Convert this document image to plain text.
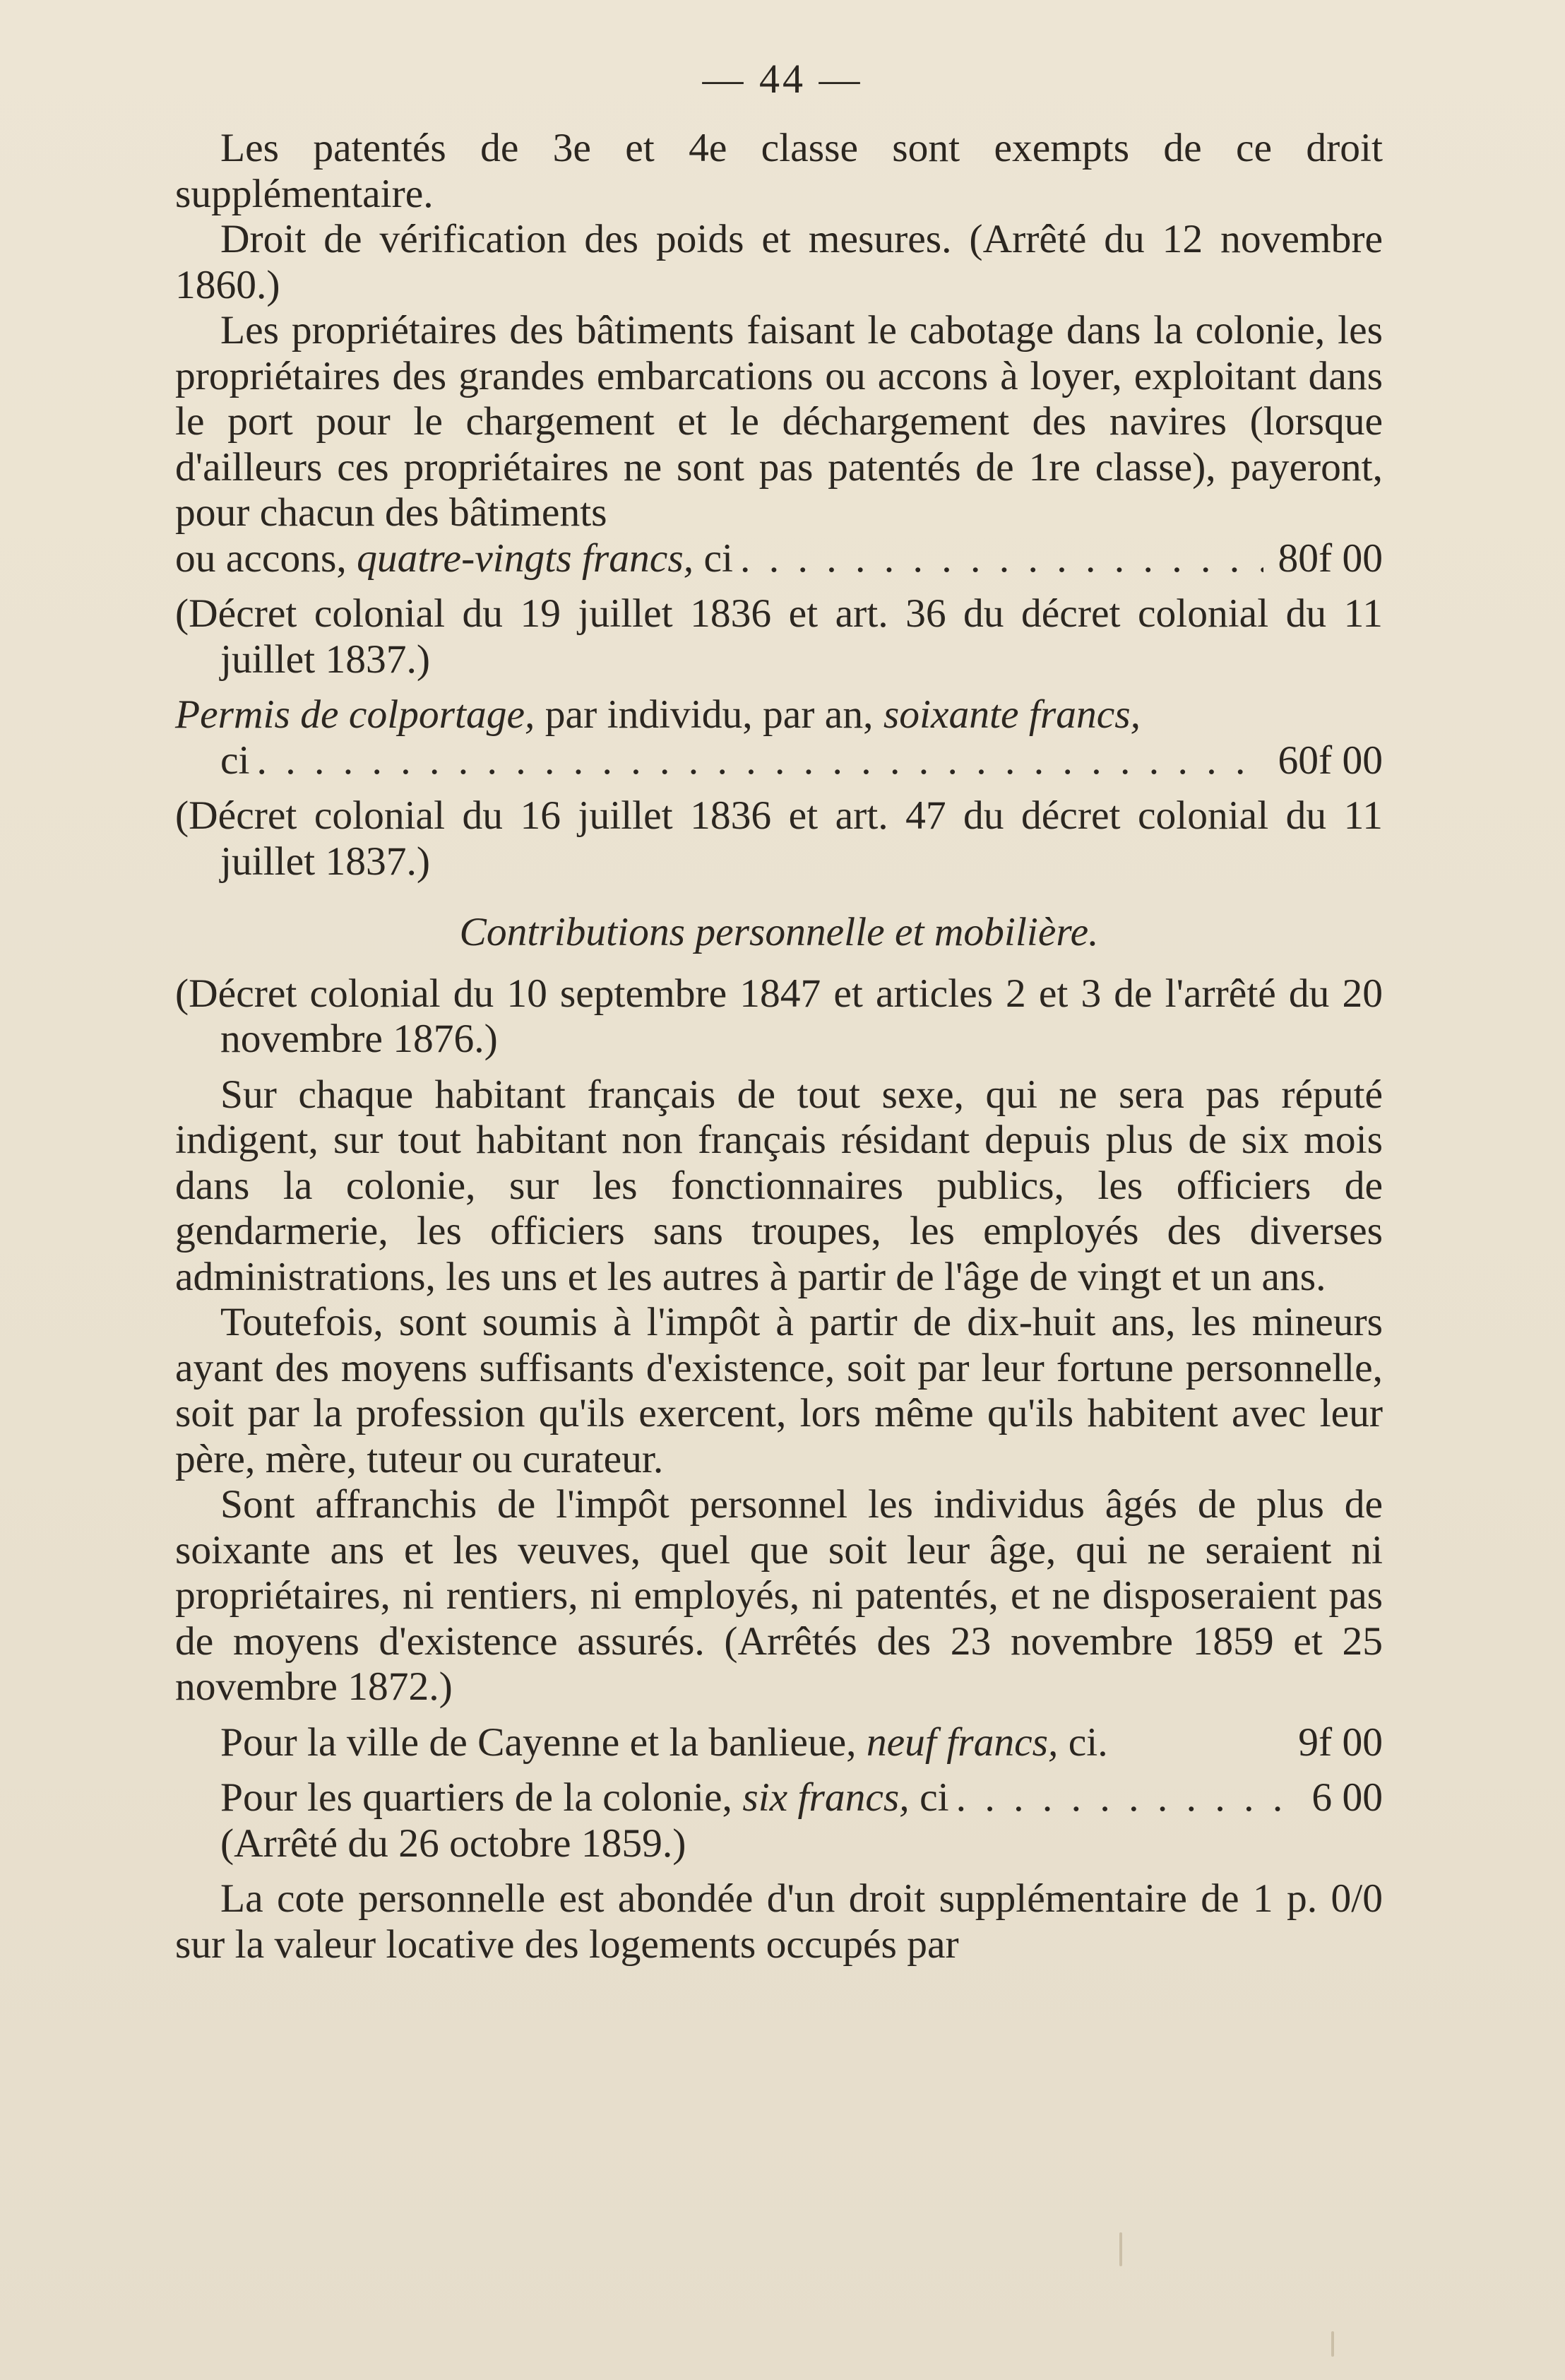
— 44 —

Les patentés de 3e et 4e classe sont exempts de ce droit supplémentaire.

Droit de vérification des poids et mesures. (Arrêté du 12 novembre 1860.)

Les propriétaires des bâtiments faisant le cabotage dans la colonie, les propriétaires des grandes embarcations ou accons à loyer, exploitant dans le port pour le chargement et le déchargement des navires (lorsque d'ailleurs ces propriétaires ne sont pas patentés de 1re classe), payeront, pour chacun des bâtiments

ou accons, quatre-vingts francs, ci . . .	80f 00

(Décret colonial du 19 juillet 1836 et art. 36 du décret colonial du 11 juillet 1837.)

Permis de colportage, par individu, par an, soixante francs,

ci . . .	60f 00

(Décret colonial du 16 juillet 1836 et art. 47 du décret colonial du 11 juillet 1837.)

Contributions personnelle et mobilière.

(Décret colonial du 10 septembre 1847 et articles 2 et 3 de l'arrêté du 20 novembre 1876.)

Sur chaque habitant français de tout sexe, qui ne sera pas réputé indigent, sur tout habitant non français résidant depuis plus de six mois dans la colonie, sur les fonctionnaires publics, les officiers de gendarmerie, les officiers sans troupes, les employés des diverses administrations, les uns et les autres à partir de l'âge de vingt et un ans.

Toutefois, sont soumis à l'impôt à partir de dix-huit ans, les mineurs ayant des moyens suffisants d'existence, soit par leur fortune personnelle, soit par la profession qu'ils exercent, lors même qu'ils habitent avec leur père, mère, tuteur ou curateur.

Sont affranchis de l'impôt personnel les individus âgés de plus de soixante ans et les veuves, quel que soit leur âge, qui ne seraient ni propriétaires, ni rentiers, ni employés, ni patentés, et ne disposeraient pas de moyens d'existence assurés. (Arrêtés des 23 novembre 1859 et 25 novembre 1872.)

Pour la ville de Cayenne et la banlieue, neuf francs, ci.	9f 00
Pour les quartiers de la colonie, six francs, ci . . .	6 00

(Arrêté du 26 octobre 1859.)

La cote personnelle est abondée d'un droit supplémentaire de 1 p. 0/0 sur la valeur locative des logements occupés par
